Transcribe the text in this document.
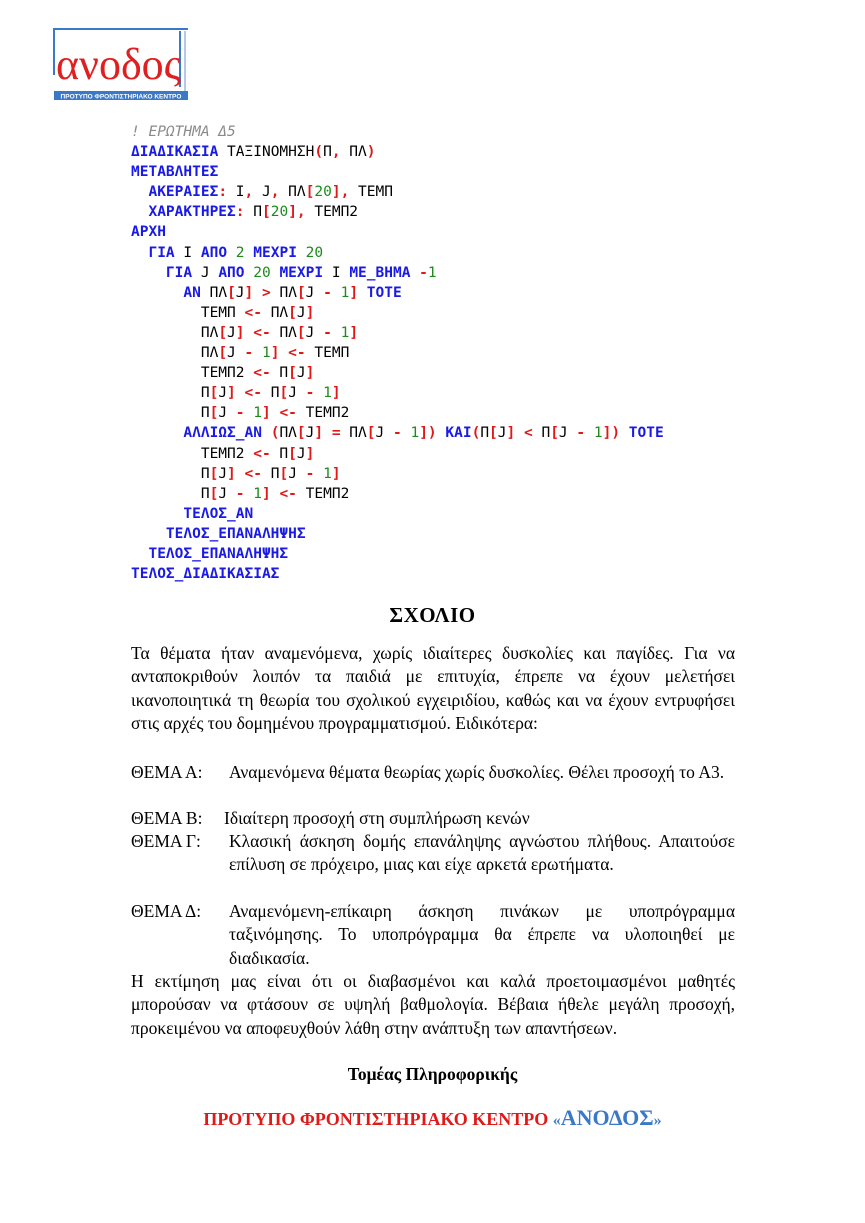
ανοδος
ΠΡΟΤΥΠΟ ΦΡΟΝΤΙΣΤΗΡΙΑΚΟ ΚΕΝΤΡΟ
! ΕΡΩΤΗΜΑ Δ5
ΔΙΑΔΙΚΑΣΙΑ ΤΑΞΙΝΟΜΗΣΗ(Π, ΠΛ)
ΜΕΤΑΒΛΗΤΕΣ
ΑΚΕΡΑΙΕΣ: Ι, Ϳ, ΠΛ[20], ΤΕΜΠ
ΧΑΡΑΚΤΗΡΕΣ: Π[20], ΤΕΜΠ2
ΑΡΧΗ
ΓΙΑ Ι ΑΠΟ 2 ΜΕΧΡΙ 20
ΓΙΑ Ϳ ΑΠΟ 20 ΜΕΧΡΙ Ι ΜΕ_ΒΗΜΑ -1
ΑΝ ΠΛ[Ϳ] > ΠΛ[Ϳ - 1] ΤΟΤΕ
ΤΕΜΠ <- ΠΛ[Ϳ]
ΠΛ[Ϳ] <- ΠΛ[Ϳ - 1]
ΠΛ[Ϳ - 1] <- ΤΕΜΠ
ΤΕΜΠ2 <- Π[Ϳ]
Π[Ϳ] <- Π[Ϳ - 1]
Π[Ϳ - 1] <- ΤΕΜΠ2
ΑΛΛΙΩΣ_ΑΝ (ΠΛ[Ϳ] = ΠΛ[Ϳ - 1]) ΚΑΙ(Π[Ϳ] < Π[Ϳ - 1]) ΤΟΤΕ
ΤΕΜΠ2 <- Π[Ϳ]
Π[Ϳ] <- Π[Ϳ - 1]
Π[Ϳ - 1] <- ΤΕΜΠ2
ΤΕΛΟΣ_ΑΝ
ΤΕΛΟΣ_ΕΠΑΝΑΛΗΨΗΣ
ΤΕΛΟΣ_ΕΠΑΝΑΛΗΨΗΣ
ΤΕΛΟΣ_ΔΙΑΔΙΚΑΣΙΑΣ
ΣΧΟΛΙΟ
Τα θέματα ήταν αναμενόμενα, χωρίς ιδιαίτερες δυσκολίες και παγίδες. Για να ανταποκριθούν λοιπόν τα παιδιά με επιτυχία, έπρεπε να έχουν μελετήσει ικανοποιητικά τη θεωρία του σχολικού εγχειριδίου, καθώς και να έχουν εντρυφήσει στις αρχές του δομημένου προγραμματισμού. Ειδικότερα:
ΘΕΜΑ Α: Αναμενόμενα θέματα θεωρίας χωρίς δυσκολίες. Θέλει προσοχή το Α3.
ΘΕΜΑ Β: Ιδιαίτερη προσοχή στη συμπλήρωση κενών
ΘΕΜΑ Γ: Κλασική άσκηση δομής επανάληψης αγνώστου πλήθους. Απαιτούσε επίλυση σε πρόχειρο, μιας και είχε αρκετά ερωτήματα.
ΘΕΜΑ Δ: Αναμενόμενη-επίκαιρη άσκηση πινάκων με υποπρόγραμμα ταξινόμησης. Το υποπρόγραμμα θα έπρεπε να υλοποιηθεί με διαδικασία.
Η εκτίμηση μας είναι ότι οι διαβασμένοι και καλά προετοιμασμένοι μαθητές μπορούσαν να φτάσουν σε υψηλή βαθμολογία. Βέβαια ήθελε μεγάλη προσοχή, προκειμένου να αποφευχθούν λάθη στην ανάπτυξη των απαντήσεων.
Τομέας Πληροφορικής
ΠΡΟΤΥΠΟ ΦΡΟΝΤΙΣΤΗΡΙΑΚΟ ΚΕΝΤΡΟ «ΑΝΟΔΟΣ»
